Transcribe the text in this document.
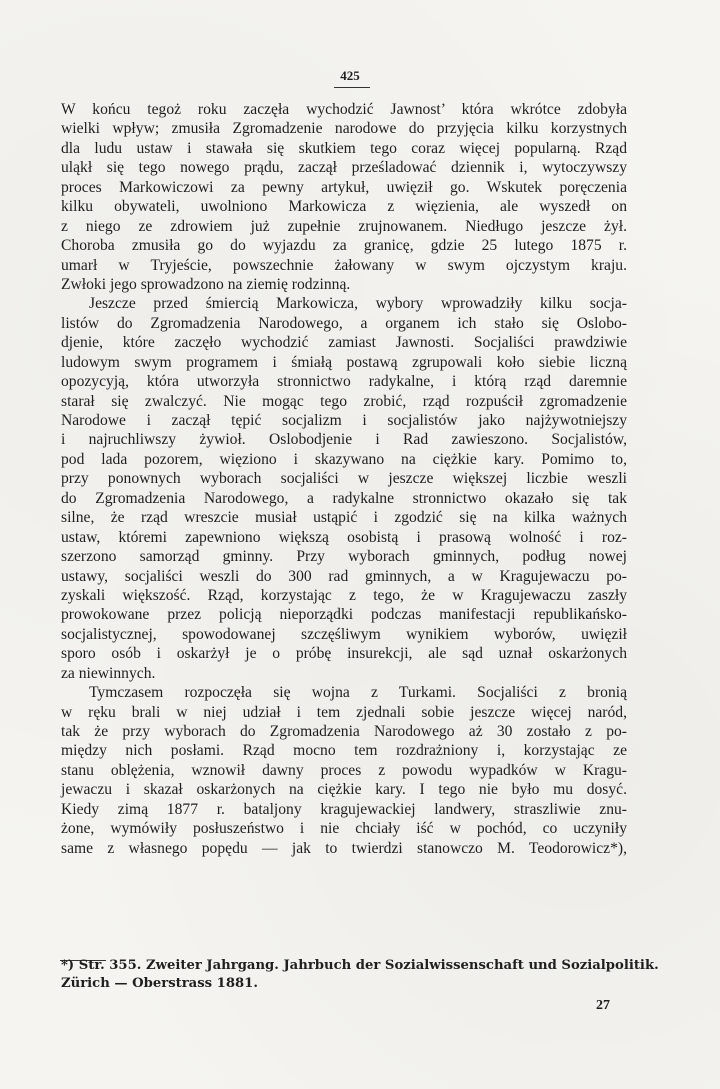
425
W końcu tegoż roku zaczęła wychodzić Jawnost’ która wkrótce zdobyła
wielki wpływ; zmusiła Zgromadzenie narodowe do przyjęcia kilku korzystnych
dla ludu ustaw i stawała się skutkiem tego coraz więcej popularną. Rząd
uląkł się tego nowego prądu, zaczął prześladować dziennik i, wytoczywszy
proces Markowiczowi za pewny artykuł, uwięził go. Wskutek poręczenia
kilku obywateli, uwolniono Markowicza z więzienia, ale wyszedł on
z niego ze zdrowiem już zupełnie zrujnowanem. Niedługo jeszcze żył.
Choroba zmusiła go do wyjazdu za granicę, gdzie 25 lutego 1875 r.
umarł w Tryjeście, powszechnie żałowany w swym ojczystym kraju.
Zwłoki jego sprowadzono na ziemię rodzinną.
Jeszcze przed śmiercią Markowicza, wybory wprowadziły kilku socja-
listów do Zgromadzenia Narodowego, a organem ich stało się Oslobo-
djenie, które zaczęło wychodzić zamiast Jawnosti. Socjaliści prawdziwie
ludowym swym programem i śmiałą postawą zgrupowali koło siebie liczną
opozycyją, która utworzyła stronnictwo radykalne, i którą rząd daremnie
starał się zwalczyć. Nie mogąc tego zrobić, rząd rozpuścił zgromadzenie
Narodowe i zaczął tępić socjalizm i socjalistów jako najżywotniejszy
i najruchliwszy żywioł. Oslobodjenie i Rad zawieszono. Socjalistów,
pod lada pozorem, więziono i skazywano na ciężkie kary. Pomimo to,
przy ponownych wyborach socjaliści w jeszcze większej liczbie weszli
do Zgromadzenia Narodowego, a radykalne stronnictwo okazało się tak
silne, że rząd wreszcie musiał ustąpić i zgodzić się na kilka ważnych
ustaw, któremi zapewniono większą osobistą i prasową wolność i roz-
szerzono samorząd gminny. Przy wyborach gminnych, podług nowej
ustawy, socjaliści weszli do 300 rad gminnych, a w Kragujewaczu po-
zyskali większość. Rząd, korzystając z tego, że w Kragujewaczu zaszły
prowokowane przez policją nieporządki podczas manifestacji republikańsko-
socjalistycznej, spowodowanej szczęśliwym wynikiem wyborów, uwięził
sporo osób i oskarżył je o próbę insurekcji, ale sąd uznał oskarżonych
za niewinnych.
Tymczasem rozpoczęła się wojna z Turkami. Socjaliści z bronią
w ręku brali w niej udział i tem zjednali sobie jeszcze więcej naród,
tak że przy wyborach do Zgromadzenia Narodowego aż 30 zostało z po-
między nich posłami. Rząd mocno tem rozdrażniony i, korzystając ze
stanu oblężenia, wznowił dawny proces z powodu wypadków w Kragu-
jewaczu i skazał oskarżonych na ciężkie kary. I tego nie było mu dosyć.
Kiedy zimą 1877 r. bataljony kragujewackiej landwery, straszliwie znu-
żone, wymówiły posłuszeństwo i nie chciały iść w pochód, co uczyniły
same z własnego popędu — jak to twierdzi stanowczo M. Teodorowicz*),
*) Str. 355. Zweiter Jahrgang. Jahrbuch der Sozialwissenschaft und Sozialpolitik.
Zürich — Oberstrass 1881.
27
